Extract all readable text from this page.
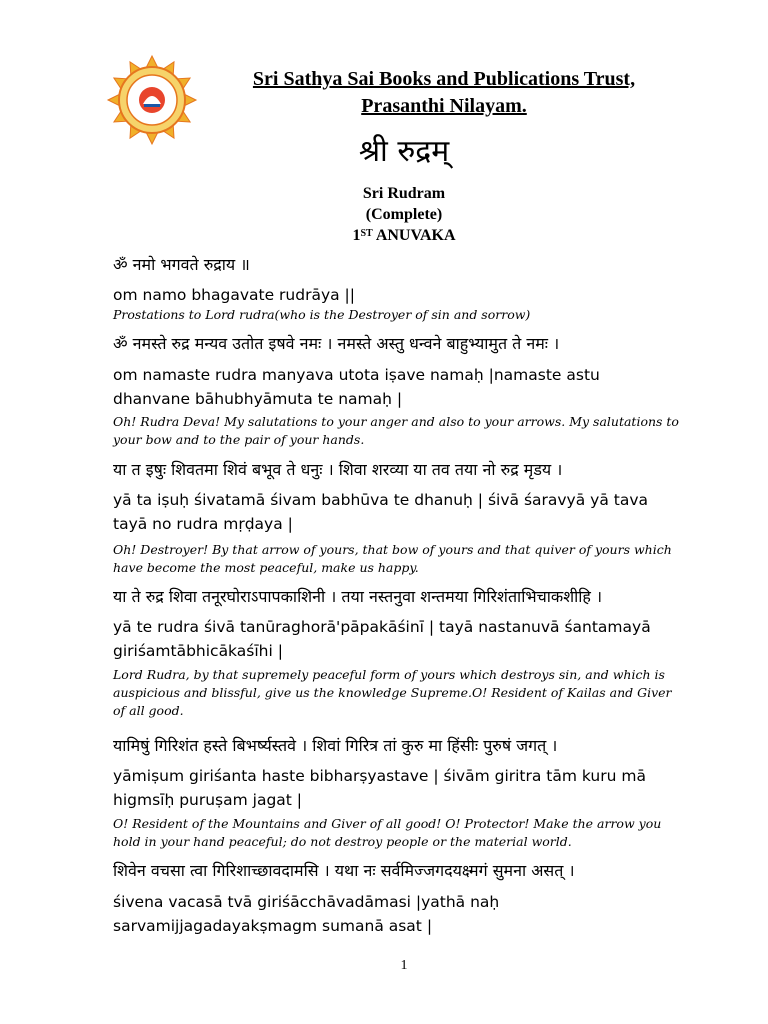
Sri Sathya Sai Books and Publications Trust,
Prasanthi Nilayam.
श्री रुद्रम्
Sri Rudram
(Complete)
1ST ANUVAKA
ॐ नमो भगवते रुद्राय ॥
om namo bhagavate rudrāya ||
Prostations to Lord rudra(who is the Destroyer of sin and sorrow)
ॐ नमस्ते रुद्र मन्यव उतोत इषवे नमः । नमस्ते अस्तु धन्वने बाहुभ्यामुत ते नमः ।
om namaste rudra manyava utota iṣave namaḥ |namaste astu dhanvane bāhubhyāmuta te namaḥ |
Oh! Rudra Deva! My salutations to your anger and also to your arrows. My salutations to your bow and to the pair of your hands.
या त इषुः शिवतमा शिवं बभूव ते धनुः । शिवा शरव्या या तव तया नो रुद्र मृडय ।
yā ta iṣuḥ śivatamā śivam babhūva te dhanuḥ | śivā śaravyā yā tava tayā no rudra mṛḍaya |
Oh! Destroyer! By that arrow of yours, that bow of yours and that quiver of yours which have become the most peaceful, make us happy.
या ते रुद्र शिवा तनूरघोराऽपापकाशिनी । तया नस्तनुवा शन्तमया गिरिशंताभिचाकशीहि ।
yā te rudra śivā tanūraghorā'pāpakāśinī | tayā nastanuvā śantamayā giriśamtābhicākaśīhi |
Lord Rudra, by that supremely peaceful form of yours which destroys sin, and which is auspicious and blissful, give us the knowledge Supreme.O! Resident of Kailas and Giver of all good.
यामिषुं गिरिशंत हस्ते बिभर्ष्यस्तवे । शिवां गिरित्र तां कुरु मा हिंसीः पुरुषं जगत् ।
yāmiṣum giriśanta haste bibharṣyastave | śivām giritra tām kuru mā higmsīḥ puruṣam jagat |
O! Resident of the Mountains and Giver of all good! O! Protector! Make the arrow you hold in your hand peaceful; do not destroy people or the material world.
शिवेन वचसा त्वा गिरिशाच्छावदामसि । यथा नः सर्वमिज्जगदयक्ष्मगं सुमना असत् ।
śivena vacasā tvā giriśācchāvadāmasi |yathā naḥ sarvamijjagadayakṣmagm sumanā asat |
1
